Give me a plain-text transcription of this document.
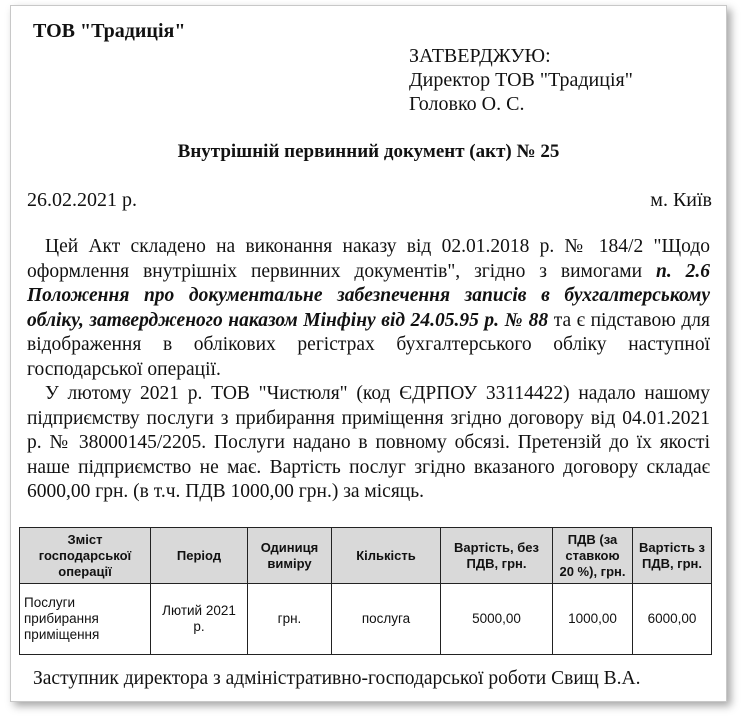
ТОВ "Традиція"
ЗАТВЕРДЖУЮ:
Директор ТОВ "Традиція"
Головко О. С.
Внутрішній первинний документ (акт) № 25
26.02.2021 р.	м. Київ

Цей Акт складено на виконання наказу від 02.01.2018 р. № 184/2 "Щодо оформлення внутрішніх первинних документів", згідно з вимогами п. 2.6 Положення про документальне забезпечення записів в бухгалтерському обліку, затвердженого наказом Мінфіну від 24.05.95 р. № 88 та є підставою для відображення в облікових регістрах бухгалтерського обліку наступної господарської операції.

У лютому 2021 р. ТОВ "Чистюля" (код ЄДРПОУ 33114422) надало нашому підприємству послуги з прибирання приміщення згідно договору від 04.01.2021 р. № 38000145/2205. Послуги надано в повному обсязі. Претензій до їх якості наше підприємство не має. Вартість послуг згідно вказаного договору складає 6000,00 грн. (в т.ч. ПДВ 1000,00 грн.) за місяць.

Зміст господарської операції	Період	Одиниця виміру	Кількість	Вартість, без ПДВ, грн.	ПДВ (за ставкою 20 %), грн.	Вартість з ПДВ, грн.
Послуги прибирання приміщення	Лютий 2021 р.	грн.	послуга	5000,00	1000,00	6000,00
Заступник директора з адміністративно-господарської роботи Свищ В.А.
